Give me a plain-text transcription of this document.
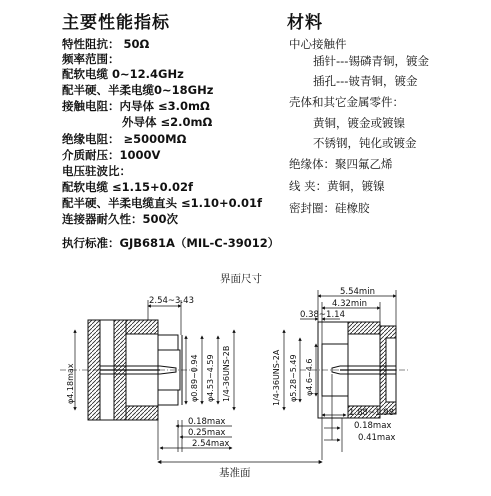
主要性能指标
特性阻抗： 50Ω
频率范围：
配软电缆 0~12.4GHz
配半硬、半柔电缆0~18GHz
接触电阻：内导体 ≤3.0mΩ
外导体 ≤2.0mΩ
绝缘电阻： ≥5000MΩ
介质耐压：1000V
电压驻波比：
配软电缆 ≤1.15+0.02f
配半硬、半柔电缆直头 ≤1.10+0.01f
连接器耐久性：500次
执行标准：GJB681A（MIL-C-39012）
材料
中心接触件
插针---锡磷青铜，镀金
插孔---铍青铜，镀金
壳体和其它金属零件：
黄铜，镀金或镀镍
不锈钢，钝化或镀金
绝缘体：聚四氟乙烯
线 夹：黄铜，镀镍
密封圈：硅橡胶
界面尺寸
基准面
2.54~3.43
φ4.18max	φ0.89~0.94 φ4.53~4.59 1/4-36UNS-2B
0.18max
0.25max
2.54max
5.54min
4.32min
0.38~1.14
1/4-36UNS-2A φ5.28~5.49 φ4.6~4.6
1.88~1.98
0.18max
0.41max
